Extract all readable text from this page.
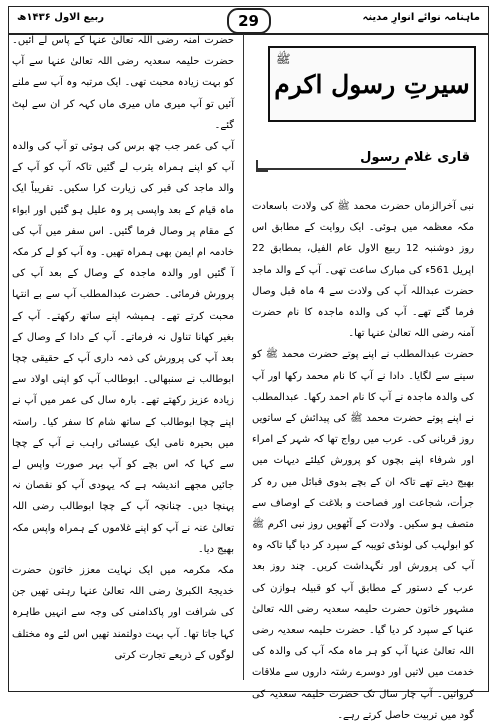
ربیع الاول ۱۴۳۶ھ	29	ماہنامہ نوائے انوارِ مدینہ
سیرتِ رسول اکرم
ﷺ
قاری غلام رسول

نبی آخرالزماں حضرت محمد ﷺ کی ولادت باسعادت مکہ معظمہ میں ہوئی۔ ایک روایت کے مطابق اس روز دوشنبہ 12 ربیع الاول عام الفیل، بمطابق 22 اپریل 561ء کی مبارک ساعت تھی۔ آپ کے والد ماجد حضرت عبداللہ آپ کی ولادت سے 4 ماہ قبل وصال فرما گئے تھے۔ آپ کی والدہ ماجدہ کا نام حضرت آمنہ رضی اللہ تعالیٰ عنہا تھا۔

حضرت عبدالمطلب نے اپنے پوتے حضرت محمد ﷺ کو سینے سے لگایا۔ دادا نے آپ کا نام محمد رکھا اور آپ کی والدہ ماجدہ نے آپ کا نام احمد رکھا۔ عبدالمطلب نے اپنے پوتے حضرت محمد ﷺ کی پیدائش کے ساتویں روز قربانی کی۔ عرب میں رواج تھا کہ شہر کے امراء اور شرفاء اپنے بچوں کو پرورش کیلئے دیہات میں بھیج دیتے تھے تاکہ ان کے بچے بدوی قبائل میں رہ کر جرأت، شجاعت اور فصاحت و بلاغت کے اوصاف سے متصف ہو سکیں۔ ولادت کے آٹھویں روز نبی اکرم ﷺ کو ابولہب کی لونڈی ثویبہ کے سپرد کر دیا گیا تاکہ وہ آپ کی پرورش اور نگہداشت کریں۔ چند روز بعد عرب کے دستور کے مطابق آپ کو قبیلہ ہوازن کی مشہور خاتون حضرت حلیمہ سعدیہ رضی اللہ تعالیٰ عنہا کے سپرد کر دیا گیا۔ حضرت حلیمہ سعدیہ رضی اللہ تعالیٰ عنہا آپ کو ہر ماہ مکہ آپ کی والدہ کی خدمت میں لاتیں اور دوسرے رشتہ داروں سے ملاقات کرواتیں۔ آپ چار سال تک حضرت حلیمہ سعدیہ کی گود میں تربیت حاصل کرتے رہے۔

حضرت آمنہ رضی اللہ تعالیٰ عنہا کے پاس لے آئیں۔ حضرت حلیمہ سعدیہ رضی اللہ تعالیٰ عنہا سے آپ کو بہت زیادہ محبت تھی۔ ایک مرتبہ وہ آپ سے ملنے آئیں تو آپ میری ماں میری ماں کہہ کر ان سے لپٹ گئے۔

آپ کی عمر جب چھ برس کی ہوئی تو آپ کی والدہ آپ کو اپنے ہمراہ یثرب لے گئیں تاکہ آپ کو آپ کے والد ماجد کی قبر کی زیارت کرا سکیں۔ تقریباً ایک ماہ قیام کے بعد واپسی پر وہ علیل ہو گئیں اور ابواء کے مقام پر وصال فرما گئیں۔ اس سفر میں آپ کی خادمہ ام ایمن بھی ہمراہ تھیں۔ وہ آپ کو لے کر مکہ آ گئیں اور والدہ ماجدہ کے وصال کے بعد آپ کی پرورش فرمائی۔ حضرت عبدالمطلب آپ سے بے انتہا محبت کرتے تھے۔ ہمیشہ اپنے ساتھ رکھتے۔ آپ کے بغیر کھانا تناول نہ فرماتے۔ آپ کے دادا کے وصال کے بعد آپ کی پرورش کی ذمہ داری آپ کے حقیقی چچا ابوطالب نے سنبھالی۔ ابوطالب آپ کو اپنی اولاد سے زیادہ عزیز رکھتے تھے۔ بارہ سال کی عمر میں آپ نے اپنے چچا ابوطالب کے ساتھ شام کا سفر کیا۔ راستہ میں بحیرہ نامی ایک عیسائی راہب نے آپ کے چچا سے کہا کہ اس بچے کو آپ بہر صورت واپس لے جائیں مجھے اندیشہ ہے کہ یہودی آپ کو نقصان نہ پہنچا دیں۔ چنانچہ آپ کے چچا ابوطالب رضی اللہ تعالیٰ عنہ نے آپ کو اپنے غلاموں کے ہمراہ واپس مکہ بھیج دیا۔

مکہ مکرمہ میں ایک نہایت معزز خاتون حضرت خدیجۃ الکبریٰ رضی اللہ تعالیٰ عنہا رہتی تھیں جن کی شرافت اور پاکدامنی کی وجہ سے انہیں طاہرہ کہا جاتا تھا۔ آپ بہت دولتمند تھیں اس لئے وہ مختلف لوگوں کے ذریعے تجارت کرتی
